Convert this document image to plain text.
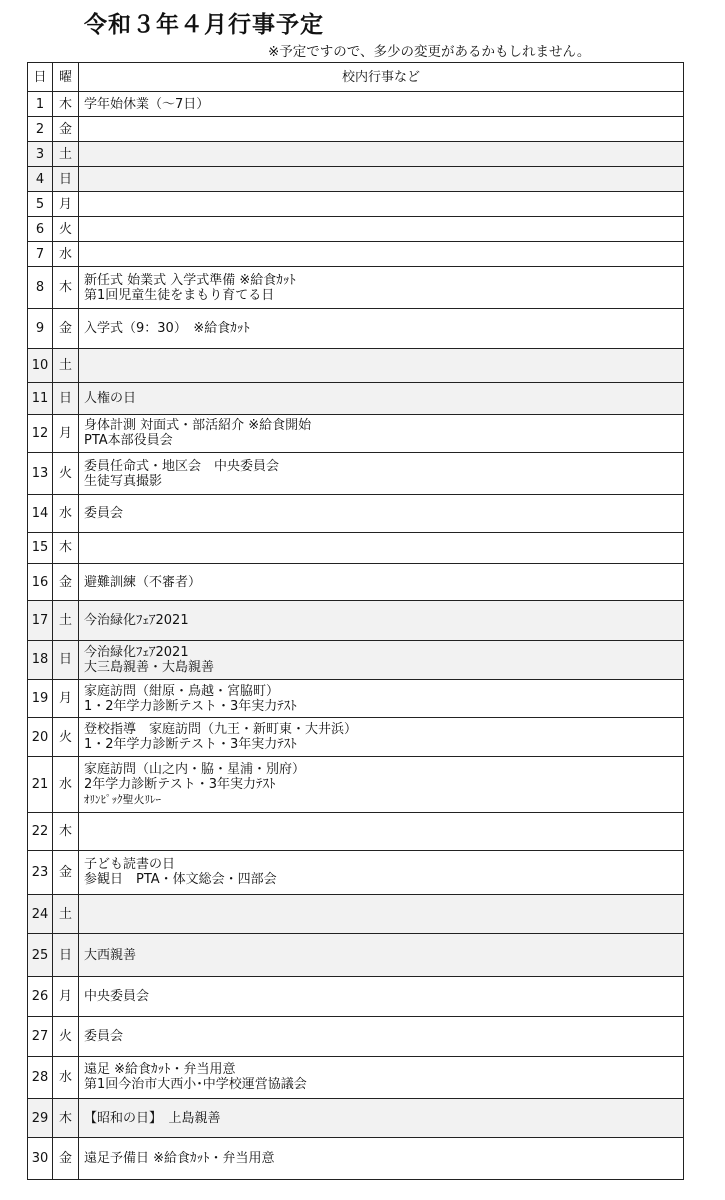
令和３年４月行事予定
※予定ですので、多少の変更があるかもしれません。
日	曜	校内行事など
1	木	学年始休業（～7日）

2	金	
3	土	
4	日	
5	月	
6	火	
7	水	
8	木	新任式 始業式 入学式準備 ※給食ｶｯﾄ
第1回児童生徒をまもり育てる日

9	金	入学式（9：30）　※給食ｶｯﾄ

10	土	
11	日	人権の日

12	月	身体計測 対面式・部活紹介 ※給食開始
PTA本部役員会

13	火	委員任命式・地区会　中央委員会
生徒写真撮影

14	水	委員会

15	木	
16	金	避難訓練（不審者）

17	土	今治緑化ﾌｪｱ2021

18	日	今治緑化ﾌｪｱ2021
大三島親善・大島親善

19	月	家庭訪問（紺原・鳥越・宮脇町）
1・2年学力診断テスト・3年実力ﾃｽﾄ

20	火	登校指導　家庭訪問（九王・新町東・大井浜）
1・2年学力診断テスト・3年実力ﾃｽﾄ

21	水	家庭訪問（山之内・脇・星浦・別府）
2年学力診断テスト・3年実力ﾃｽﾄ
ｵﾘﾝﾋﾟｯｸ聖火ﾘﾚｰ

22	木	
23	金	子ども読書の日
参観日　PTA・体文総会・四部会

24	土	
25	日	大西親善

26	月	中央委員会

27	火	委員会

28	水	遠足 ※給食ｶｯﾄ・弁当用意
第1回今治市大西小･中学校運営協議会

29	木	【昭和の日】　上島親善

30	金	遠足予備日 ※給食ｶｯﾄ・弁当用意
